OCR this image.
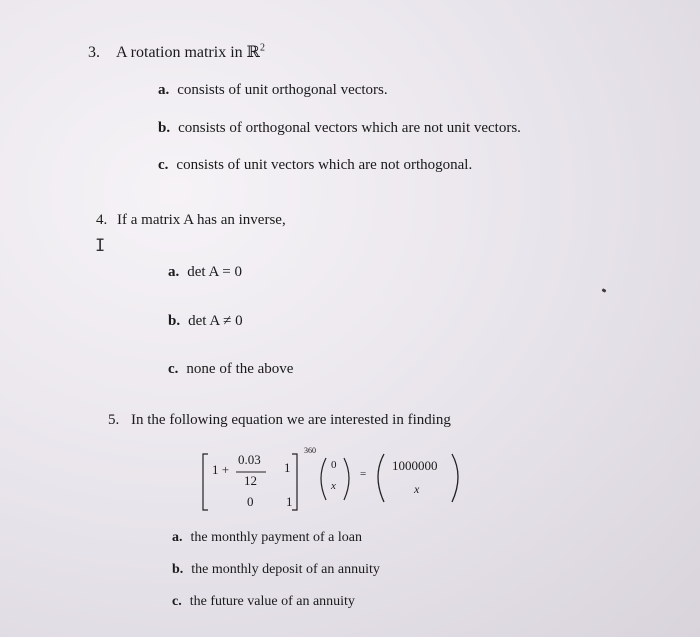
3. A rotation matrix in ℝ$^2$
a. consists of unit orthogonal vectors.
b. consists of orthogonal vectors which are not unit vectors.
c. consists of unit vectors which are not orthogonal.
4. If a matrix A has an inverse,
I
a. det A = 0
b. det A ≠ 0
c. none of the above
5. In the following equation we are interested in finding
1 +
0.03
12
1
0	1
360
0
x
=
1000000
x
a. the monthly payment of a loan
b. the monthly deposit of an annuity
c. the future value of an annuity
